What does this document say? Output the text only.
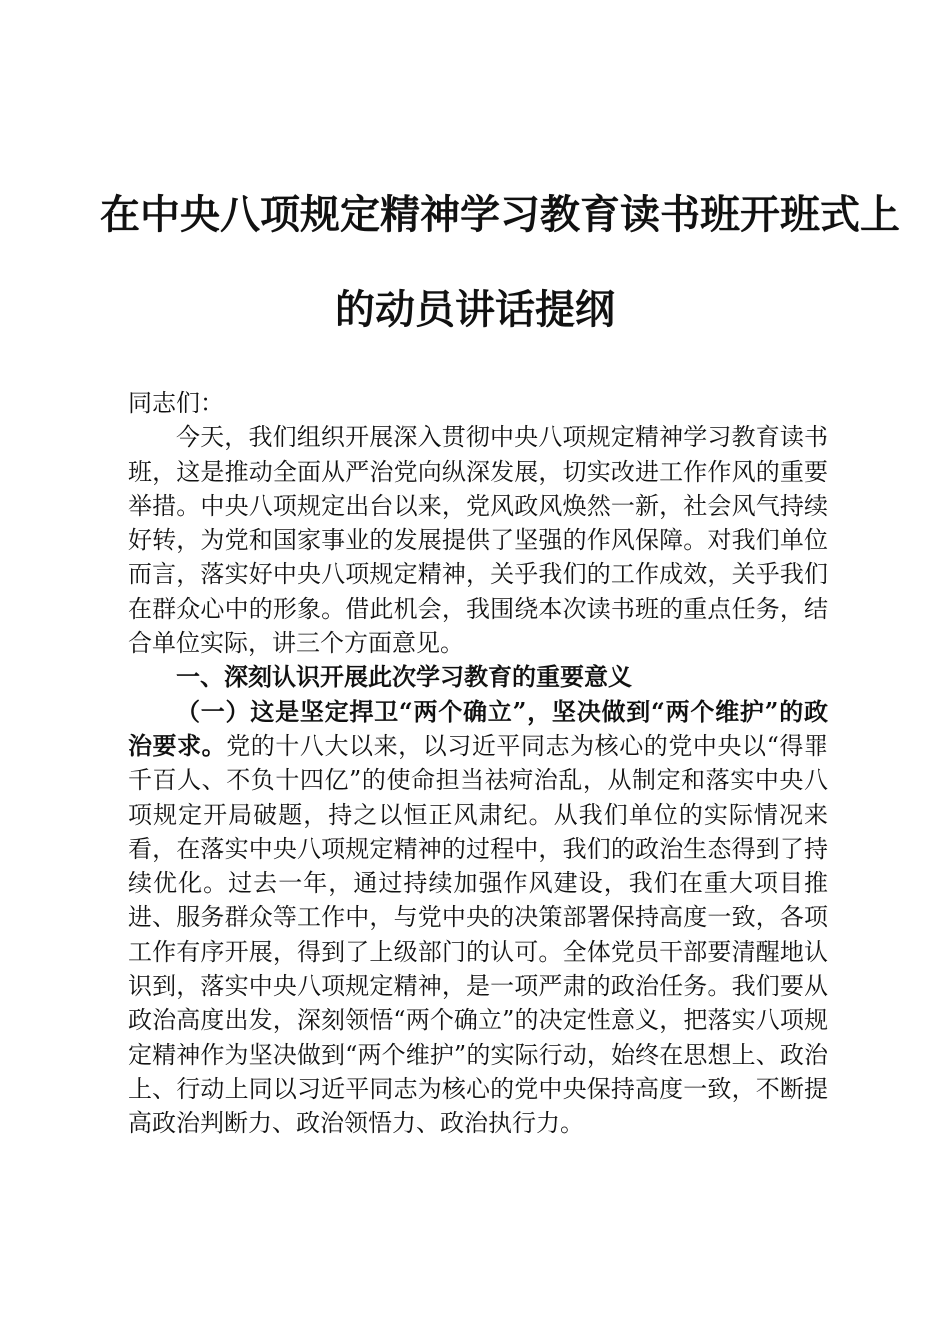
在中央八项规定精神学习教育读书班开班式上
的动员讲话提纲

同志们：

今天，我们组织开展深入贯彻中央八项规定精神学习教育读书班，这是推动全面从严治党向纵深发展，切实改进工作作风的重要举措。中央八项规定出台以来，党风政风焕然一新，社会风气持续好转，为党和国家事业的发展提供了坚强的作风保障。对我们单位而言，落实好中央八项规定精神，关乎我们的工作成效，关乎我们在群众心中的形象。借此机会，我围绕本次读书班的重点任务，结合单位实际，讲三个方面意见。

一、深刻认识开展此次学习教育的重要意义

（一）这是坚定捍卫“两个确立”，坚决做到“两个维护”的政治要求。党的十八大以来，以习近平同志为核心的党中央以“得罪千百人、不负十四亿”的使命担当祛疴治乱，从制定和落实中央八项规定开局破题，持之以恒正风肃纪。从我们单位的实际情况来看，在落实中央八项规定精神的过程中，我们的政治生态得到了持续优化。过去一年，通过持续加强作风建设，我们在重大项目推进、服务群众等工作中，与党中央的决策部署保持高度一致，各项工作有序开展，得到了上级部门的认可。全体党员干部要清醒地认识到，落实中央八项规定精神，是一项严肃的政治任务。我们要从政治高度出发，深刻领悟“两个确立”的决定性意义，把落实八项规定精神作为坚决做到“两个维护”的实际行动，始终在思想上、政治上、行动上同以习近平同志为核心的党中央保持高度一致，不断提高政治判断力、政治领悟力、政治执行力。
